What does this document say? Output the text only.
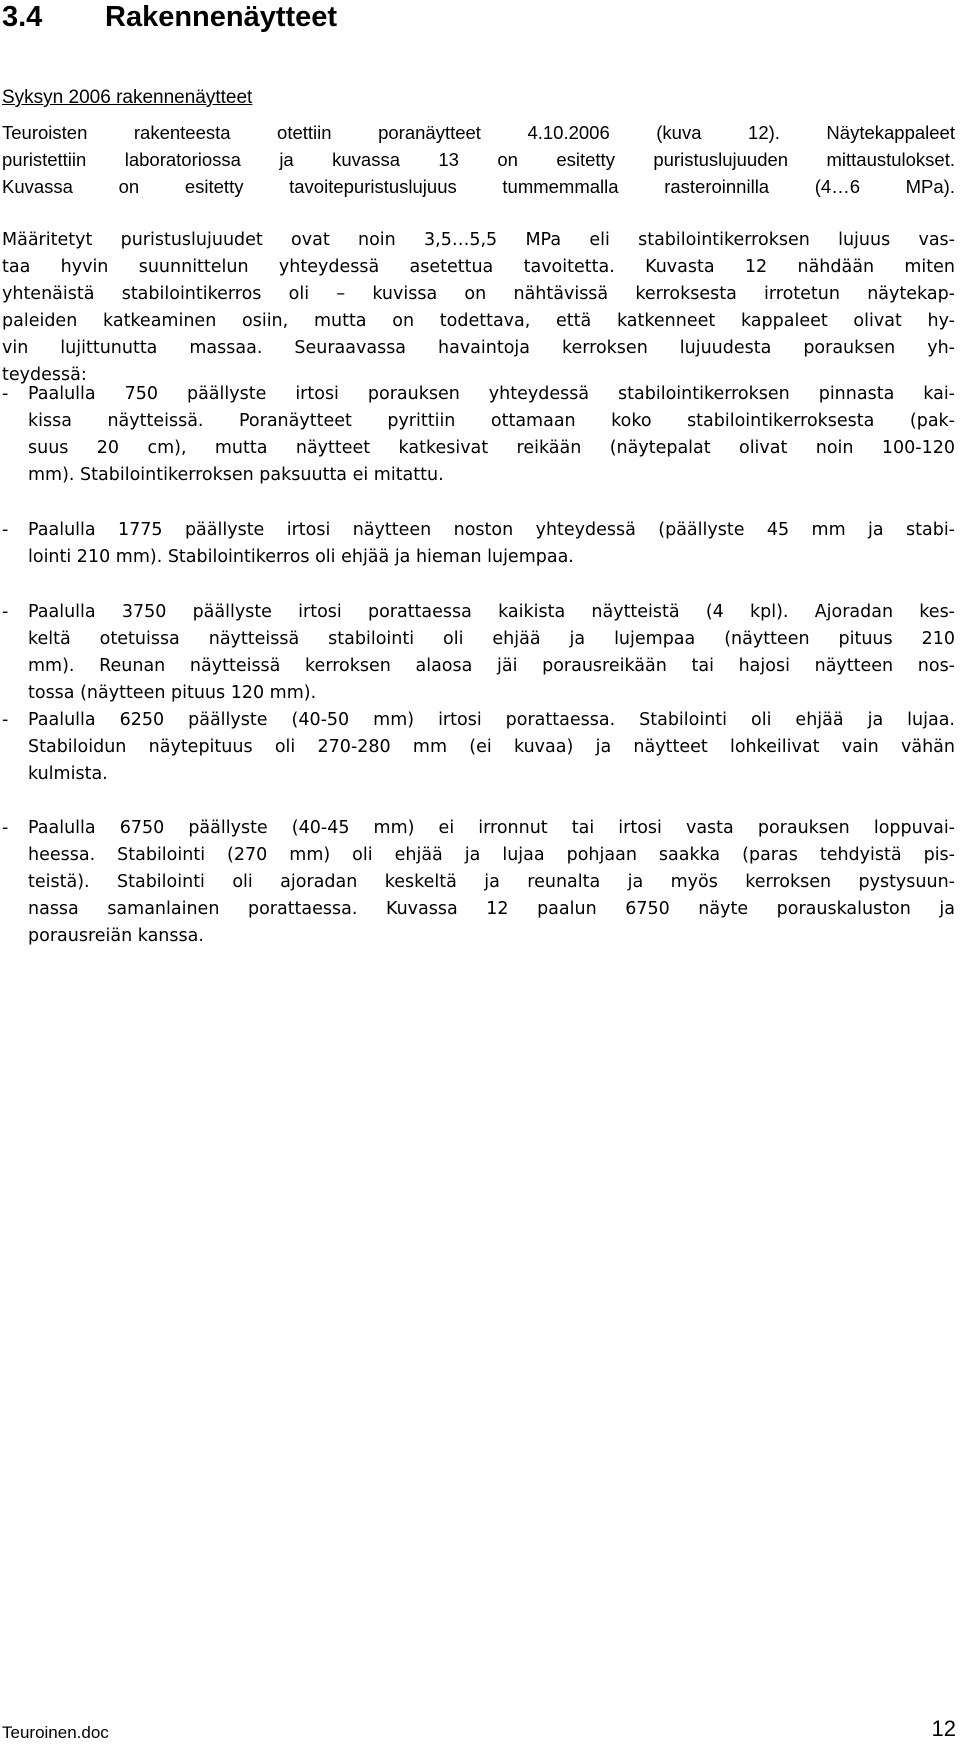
3.4 Rakennenäytteet
Syksyn 2006 rakennenäytteet

Teuroisten rakenteesta otettiin poranäytteet 4.10.2006 (kuva 12). Näytekappaleet
puristettiin laboratoriossa ja kuvassa 13 on esitetty puristuslujuuden mittaustulokset.
Kuvassa on esitetty tavoitepuristuslujuus tummemmalla rasteroinnilla (4…6 MPa).

Määritetyt puristuslujuudet ovat noin 3,5…5,5 MPa eli stabilointikerroksen lujuus vas-
taa hyvin suunnittelun yhteydessä asetettua tavoitetta. Kuvasta 12 nähdään miten
yhtenäistä stabilointikerros oli – kuvissa on nähtävissä kerroksesta irrotetun näytekap-
paleiden katkeaminen osiin, mutta on todettava, että katkenneet kappaleet olivat hy-
vin lujittunutta massaa. Seuraavassa havaintoja kerroksen lujuudesta porauksen yh-
teydessä:

-	Paalulla 750 päällyste irtosi porauksen yhteydessä stabilointikerroksen pinnasta kai-
kissa näytteissä. Poranäytteet pyrittiin ottamaan koko stabilointikerroksesta (pak-
suus 20 cm), mutta näytteet katkesivat reikään (näytepalat olivat noin 100-120
mm). Stabilointikerroksen paksuutta ei mitattu.
-	Paalulla 1775 päällyste irtosi näytteen noston yhteydessä (päällyste 45 mm ja stabi-
lointi 210 mm). Stabilointikerros oli ehjää ja hieman lujempaa.
-	Paalulla 3750 päällyste irtosi porattaessa kaikista näytteistä (4 kpl). Ajoradan kes-
keltä otetuissa näytteissä stabilointi oli ehjää ja lujempaa (näytteen pituus 210
mm). Reunan näytteissä kerroksen alaosa jäi porausreikään tai hajosi näytteen nos-
tossa (näytteen pituus 120 mm).
-	Paalulla 6250 päällyste (40-50 mm) irtosi porattaessa. Stabilointi oli ehjää ja lujaa.
Stabiloidun näytepituus oli 270-280 mm (ei kuvaa) ja näytteet lohkeilivat vain vähän
kulmista.
-	Paalulla 6750 päällyste (40-45 mm) ei irronnut tai irtosi vasta porauksen loppuvai-
heessa. Stabilointi (270 mm) oli ehjää ja lujaa pohjaan saakka (paras tehdyistä pis-
teistä). Stabilointi oli ajoradan keskeltä ja reunalta ja myös kerroksen pystysuun-
nassa samanlainen porattaessa. Kuvassa 12 paalun 6750 näyte porauskaluston ja
porausreiän kanssa.
Teuroinen.doc	12
